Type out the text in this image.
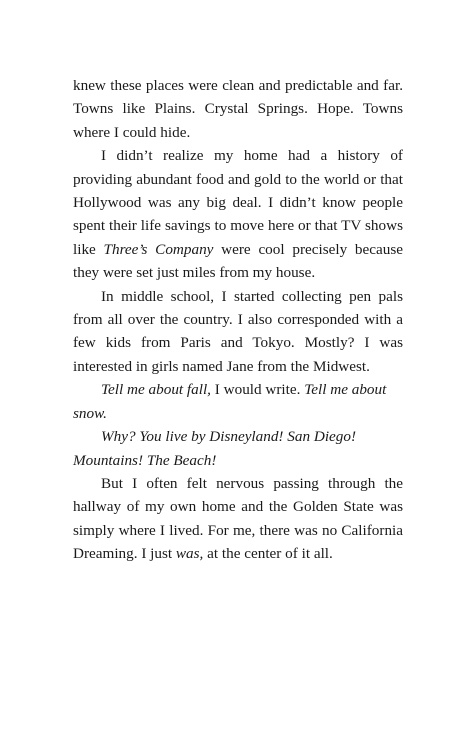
knew these places were clean and predictable and far. Towns like Plains. Crystal Springs. Hope. Towns where I could hide.

I didn’t realize my home had a history of providing abundant food and gold to the world or that Hollywood was any big deal. I didn’t know people spent their life savings to move here or that TV shows like Three’s Company were cool precisely because they were set just miles from my house.

In middle school, I started collecting pen pals from all over the country. I also corresponded with a few kids from Paris and Tokyo. Mostly? I was interested in girls named Jane from the Midwest.

Tell me about fall, I would write. Tell me about snow.

Why? You live by Disneyland! San Diego! Mountains! The Beach!

But I often felt nervous passing through the hallway of my own home and the Golden State was simply where I lived. For me, there was no California Dreaming. I just was, at the center of it all.
